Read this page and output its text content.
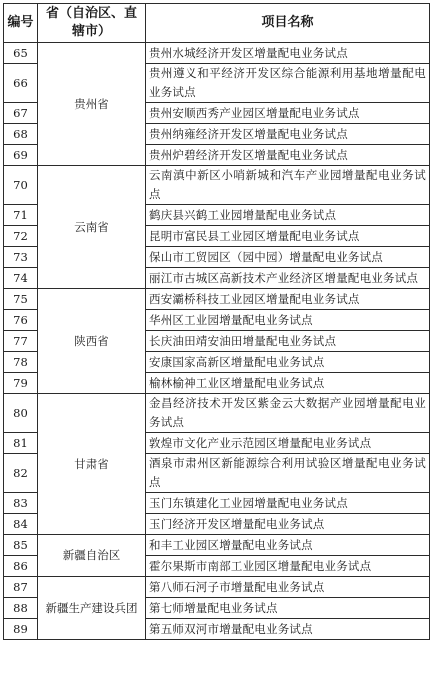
编号	省（自治区、直辖市）	项目名称
65	贵州省	贵州水城经济开发区增量配电业务试点
66		贵州遵义和平经济开发区综合能源利用基地增量配电业务试点
67		贵州安顺西秀产业园区增量配电业务试点
68		贵州纳雍经济开发区增量配电业务试点
69		贵州炉碧经济开发区增量配电业务试点
70	云南省	云南滇中新区小哨新城和汽车产业园增量配电业务试点
71		鹤庆县兴鹤工业园增量配电业务试点
72		昆明市富民县工业园区增量配电业务试点
73		保山市工贸园区（园中园）增量配电业务试点
74		丽江市古城区高新技术产业经济区增量配电业务试点
75	陕西省	西安灞桥科技工业园区增量配电业务试点
76		华州区工业园增量配电业务试点
77		长庆油田靖安油田增量配电业务试点
78		安康国家高新区增量配电业务试点
79		榆林榆神工业区增量配电业务试点
80	甘肃省	金昌经济技术开发区紫金云大数据产业园增量配电业务试点
81		敦煌市文化产业示范园区增量配电业务试点
82		酒泉市肃州区新能源综合利用试验区增量配电业务试点
83		玉门东镇建化工业园增量配电业务试点
84		玉门经济开发区增量配电业务试点
85	新疆自治区	和丰工业园区增量配电业务试点
86		霍尔果斯市南部工业园区增量配电业务试点
87	新疆生产建设兵团	第八师石河子市增量配电业务试点
88		第七师增量配电业务试点
89		第五师双河市增量配电业务试点
